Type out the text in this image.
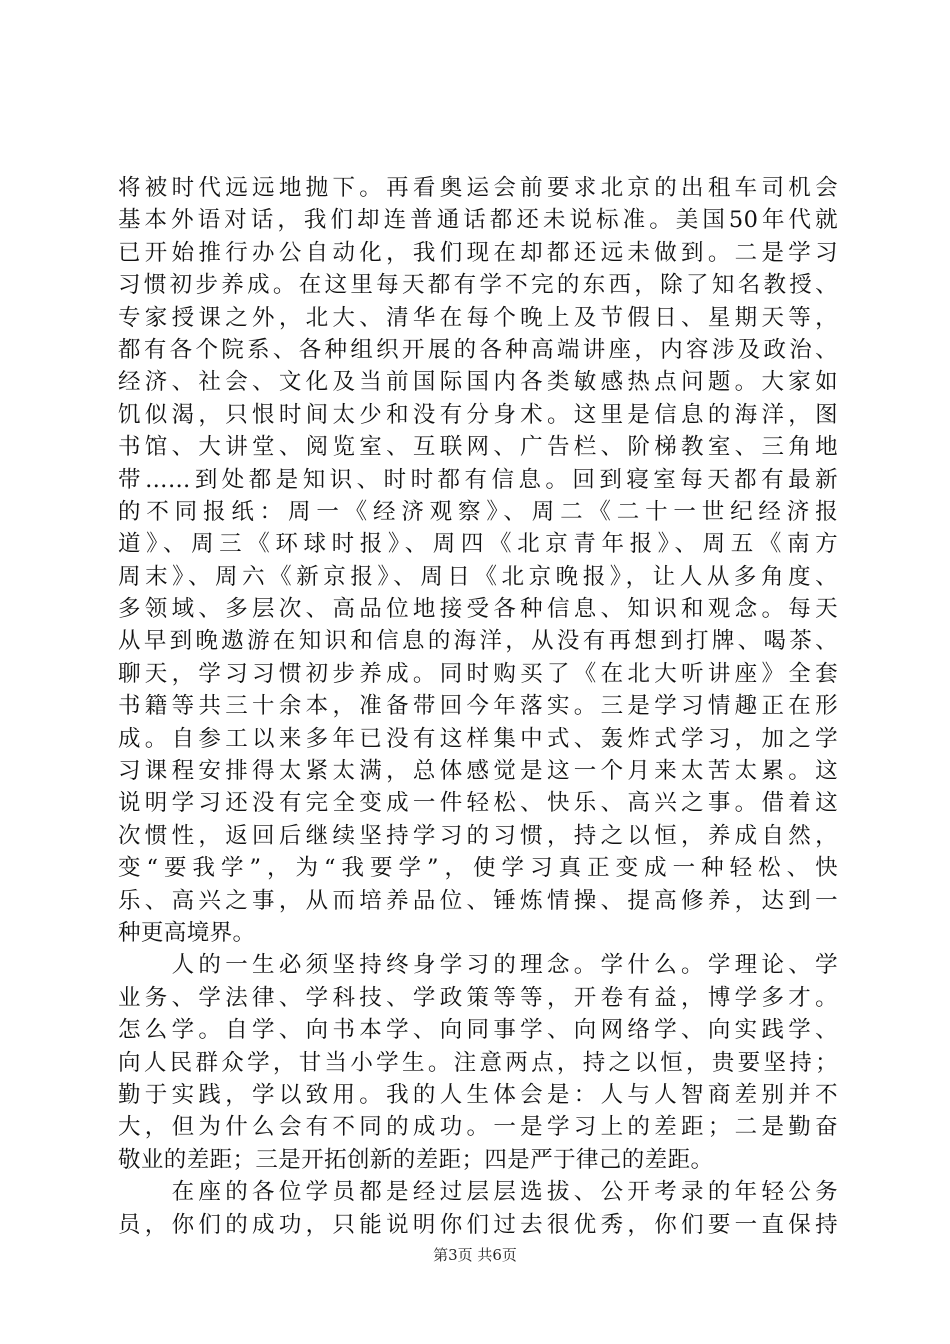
将被时代远远地抛下。再看奥运会前要求北京的出租车司机会
基本外语对话，我们却连普通话都还未说标准。美国50年代就
已开始推行办公自动化，我们现在却都还远未做到。二是学习
习惯初步养成。在这里每天都有学不完的东西，除了知名教授、
专家授课之外，北大、清华在每个晚上及节假日、星期天等，
都有各个院系、各种组织开展的各种高端讲座，内容涉及政治、
经济、社会、文化及当前国际国内各类敏感热点问题。大家如
饥似渴，只恨时间太少和没有分身术。这里是信息的海洋，图
书馆、大讲堂、阅览室、互联网、广告栏、阶梯教室、三角地
带……到处都是知识、时时都有信息。回到寝室每天都有最新
的不同报纸：周一《经济观察》、周二《二十一世纪经济报
道》、周三《环球时报》、周四《北京青年报》、周五《南方
周末》、周六《新京报》、周日《北京晚报》，让人从多角度、
多领域、多层次、高品位地接受各种信息、知识和观念。每天
从早到晚遨游在知识和信息的海洋，从没有再想到打牌、喝茶、
聊天，学习习惯初步养成。同时购买了《在北大听讲座》全套
书籍等共三十余本，准备带回今年落实。三是学习情趣正在形
成。自参工以来多年已没有这样集中式、轰炸式学习，加之学
习课程安排得太紧太满，总体感觉是这一个月来太苦太累。这
说明学习还没有完全变成一件轻松、快乐、高兴之事。借着这
次惯性，返回后继续坚持学习的习惯，持之以恒，养成自然，
变“要我学”，为“我要学”，使学习真正变成一种轻松、快
乐、高兴之事，从而培养品位、锤炼情操、提高修养，达到一
种更高境界。
　　人的一生必须坚持终身学习的理念。学什么。学理论、学
业务、学法律、学科技、学政策等等，开卷有益，博学多才。
怎么学。自学、向书本学、向同事学、向网络学、向实践学、
向人民群众学，甘当小学生。注意两点，持之以恒，贵要坚持；
勤于实践，学以致用。我的人生体会是：人与人智商差别并不
大，但为什么会有不同的成功。一是学习上的差距；二是勤奋
敬业的差距；三是开拓创新的差距；四是严于律己的差距。
　　在座的各位学员都是经过层层选拔、公开考录的年轻公务
员，你们的成功，只能说明你们过去很优秀，你们要一直保持
第3页 共6页
